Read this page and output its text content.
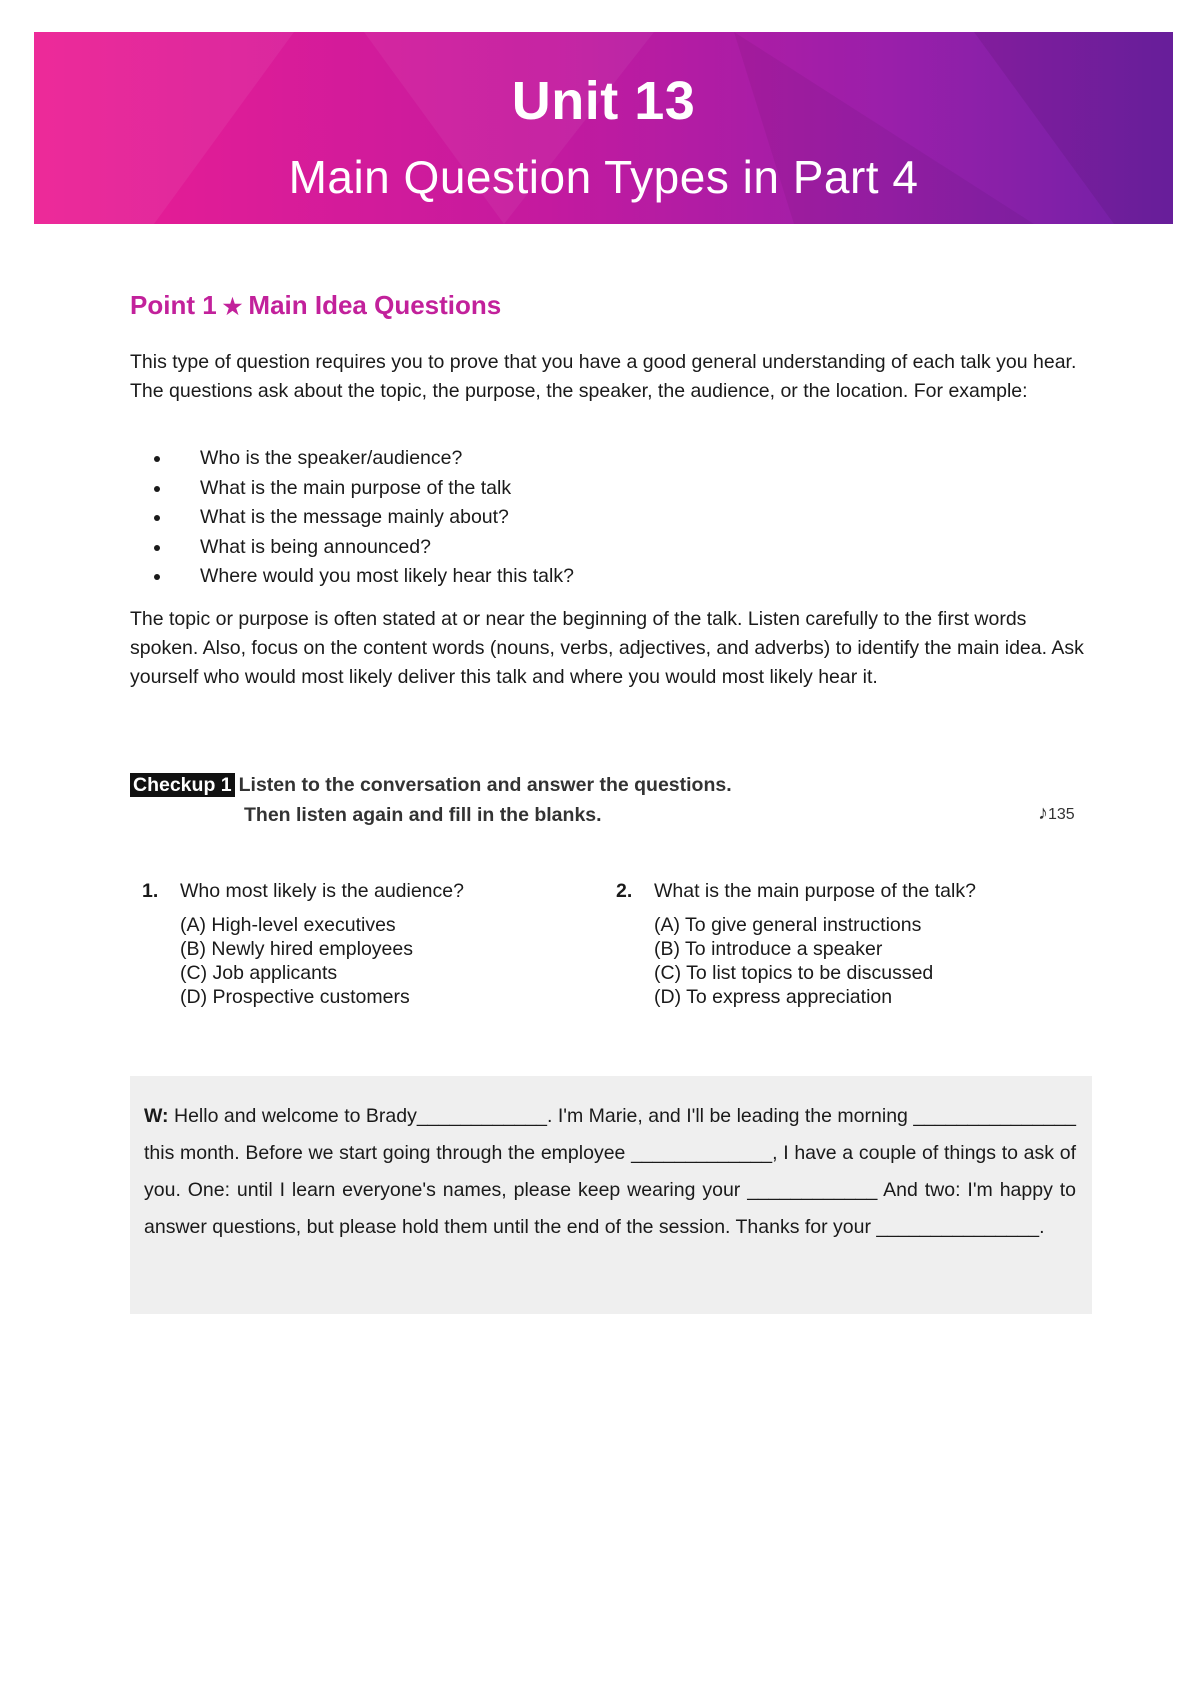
Unit 13
Main Question Types in Part 4
Point 1 ★ Main Idea Questions
This type of question requires you to prove that you have a good general understanding of each talk you hear. The questions ask about the topic, the purpose, the speaker, the audience, or the location. For example:
Who is the speaker/audience?
What is the main purpose of the talk
What is the message mainly about?
What is being announced?
Where would you most likely hear this talk?
The topic or purpose is often stated at or near the beginning of the talk. Listen carefully to the first words spoken. Also, focus on the content words (nouns, verbs, adjectives, and adverbs) to identify the main idea. Ask yourself who would most likely deliver this talk and where you would most likely hear it.
Checkup 1 Listen to the conversation and answer the questions.
Then listen again and fill in the blanks.	♪135
1. Who most likely is the audience?
(A) High-level executives
(B) Newly hired employees
(C) Job applicants
(D) Prospective customers
2. What is the main purpose of the talk?
(A) To give general instructions
(B) To introduce a speaker
(C) To list topics to be discussed
(D) To express appreciation
W: Hello and welcome to Brady____________. I'm Marie, and I'll be leading the morning _______________ this month. Before we start going through the employee _____________, I have a couple of things to ask of you. One: until I learn everyone's names, please keep wearing your ____________ And two: I'm happy to answer questions, but please hold them until the end of the session. Thanks for your _______________.
